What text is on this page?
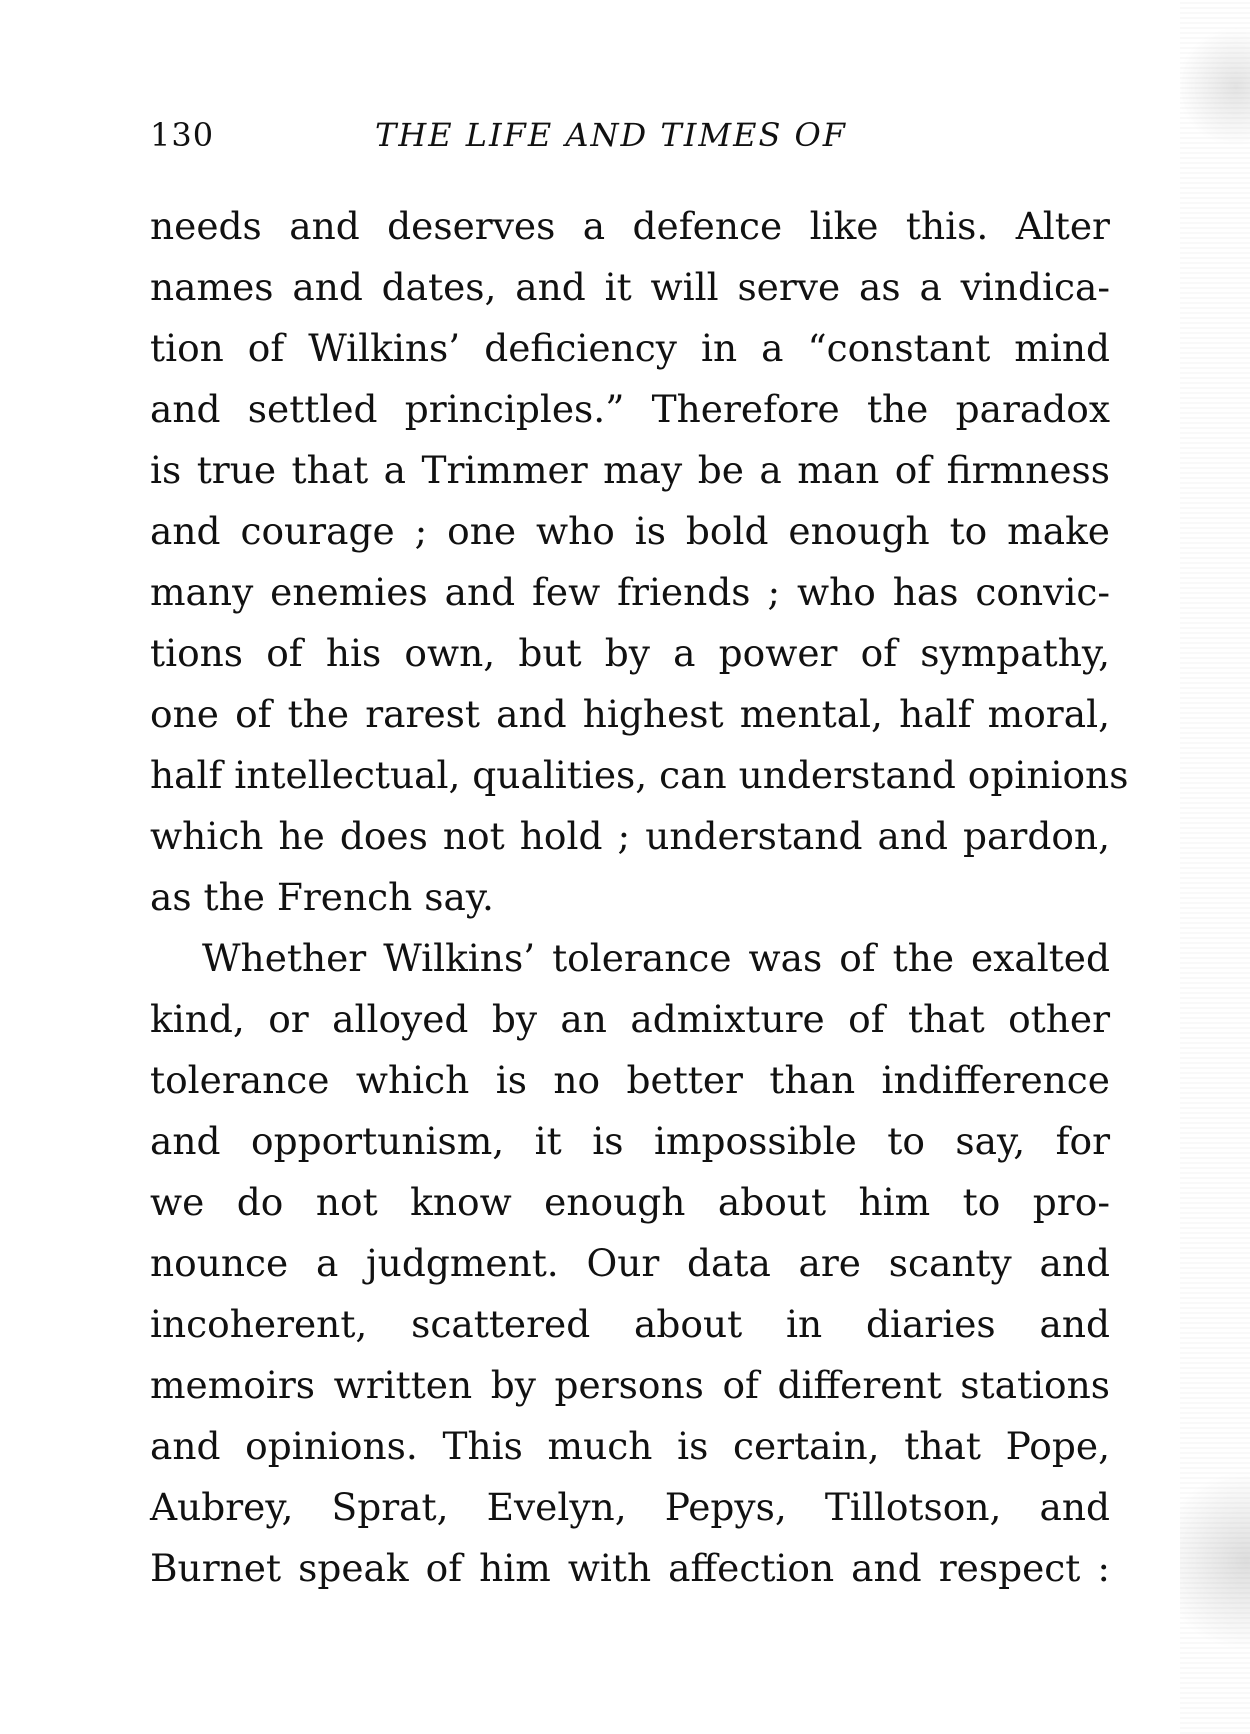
130	THE LIFE AND TIMES OF
needs and deserves a defence like this. Alter
names and dates, and it will serve as a vindica-
tion of Wilkins’ deficiency in a “constant mind
and settled principles.” Therefore the paradox
is true that a Trimmer may be a man of firmness
and courage ; one who is bold enough to make
many enemies and few friends ; who has convic-
tions of his own, but by a power of sympathy,
one of the rarest and highest mental, half moral,
half intellectual, qualities, can understand opinions
which he does not hold ; understand and pardon,
as the French say.
Whether Wilkins’ tolerance was of the exalted
kind, or alloyed by an admixture of that other
tolerance which is no better than indifference
and opportunism, it is impossible to say, for
we do not know enough about him to pro-
nounce a judgment. Our data are scanty and
incoherent, scattered about in diaries and
memoirs written by persons of different stations
and opinions. This much is certain, that Pope,
Aubrey, Sprat, Evelyn, Pepys, Tillotson, and
Burnet speak of him with affection and respect :
